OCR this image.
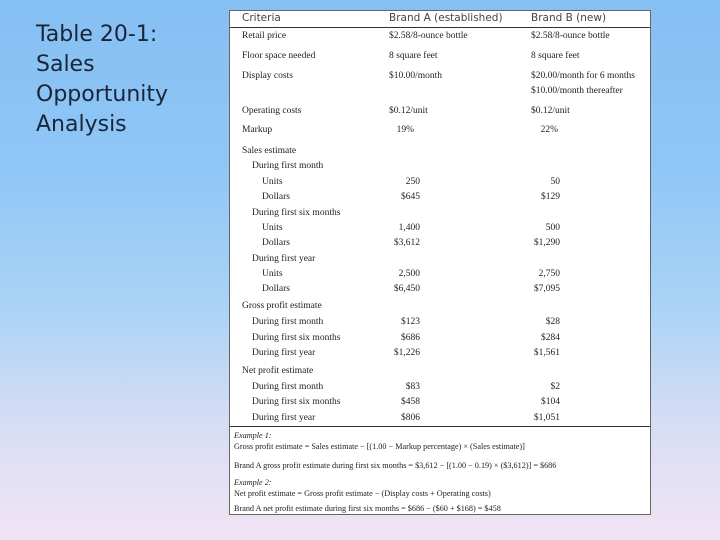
Table 20-1:
Sales
Opportunity
Analysis
Criteria	Brand A (established)	Brand B (new)
Retail price	$2.58/8-ounce bottle	$2.58/8-ounce bottle
Floor space needed	8 square feet	8 square feet
Display costs	$10.00/month	$20.00/month for 6 months
$10.00/month thereafter
Operating costs	$0.12/unit	$0.12/unit
Markup	19%	22%
Sales estimate
During first month
Units	250	50
Dollars	$645	$129
During first six months
Units	1,400	500
Dollars	$3,612	$1,290
During first year
Units	2,500	2,750
Dollars	$6,450	$7,095
Gross profit estimate
During first month	$123	$28
During first six months	$686	$284
During first year	$1,226	$1,561
Net profit estimate
During first month	$83	$2
During first six months	$458	$104
During first year	$806	$1,051
Example 1:
Gross profit estimate = Sales estimate − [(1.00 − Markup percentage) × (Sales estimate)]
Brand A gross profit estimate during first six months = $3,612 − [(1.00 − 0.19) × ($3,612)] = $686
Example 2:
Net profit estimate = Gross profit estimate − (Display costs + Operating costs)
Brand A net profit estimate during first six months = $686 − ($60 + $168) = $458
